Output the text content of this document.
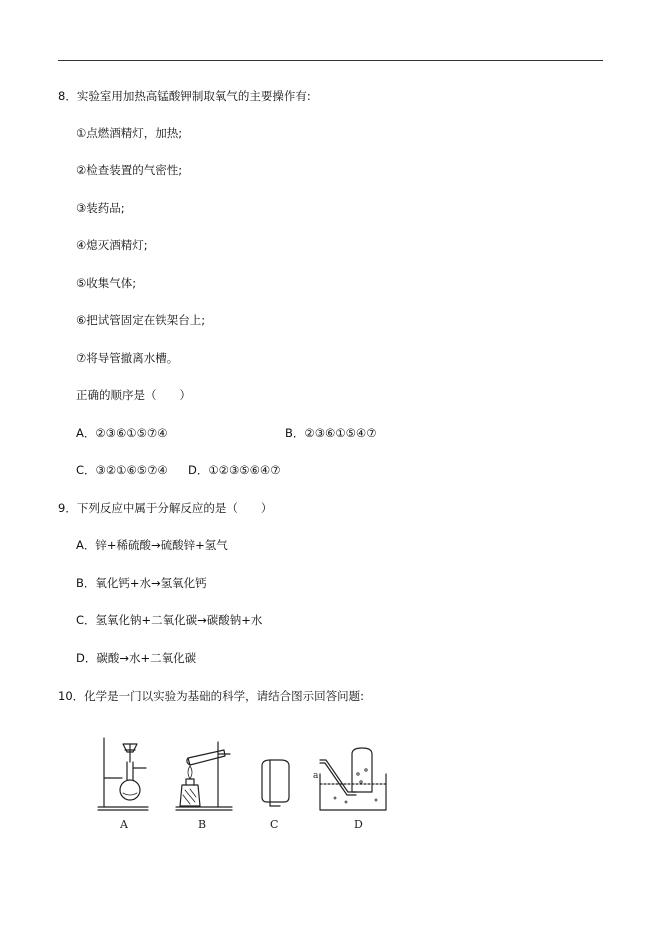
8．实验室用加热高锰酸钾制取氧气的主要操作有:
①点燃酒精灯，加热;
②检查装置的气密性;
③装药品;
④熄灭酒精灯;
⑤收集气体;
⑥把试管固定在铁架台上;
⑦将导管撤离水槽。
正确的顺序是（　　）
A．②③⑥①⑤⑦④	B．②③⑥①⑤④⑦
C．③②①⑥⑤⑦④ D．①②③⑤⑥④⑦
9．下列反应中属于分解反应的是（　　）
A．锌+稀硫酸→硫酸锌+氢气
B．氧化钙+水→氢氧化钙
C．氢氧化钠+二氧化碳→碳酸钠+水
D．碳酸→水+二氧化碳
10．化学是一门以实验为基础的科学，请结合图示回答问题:
A	B	C	D
a
